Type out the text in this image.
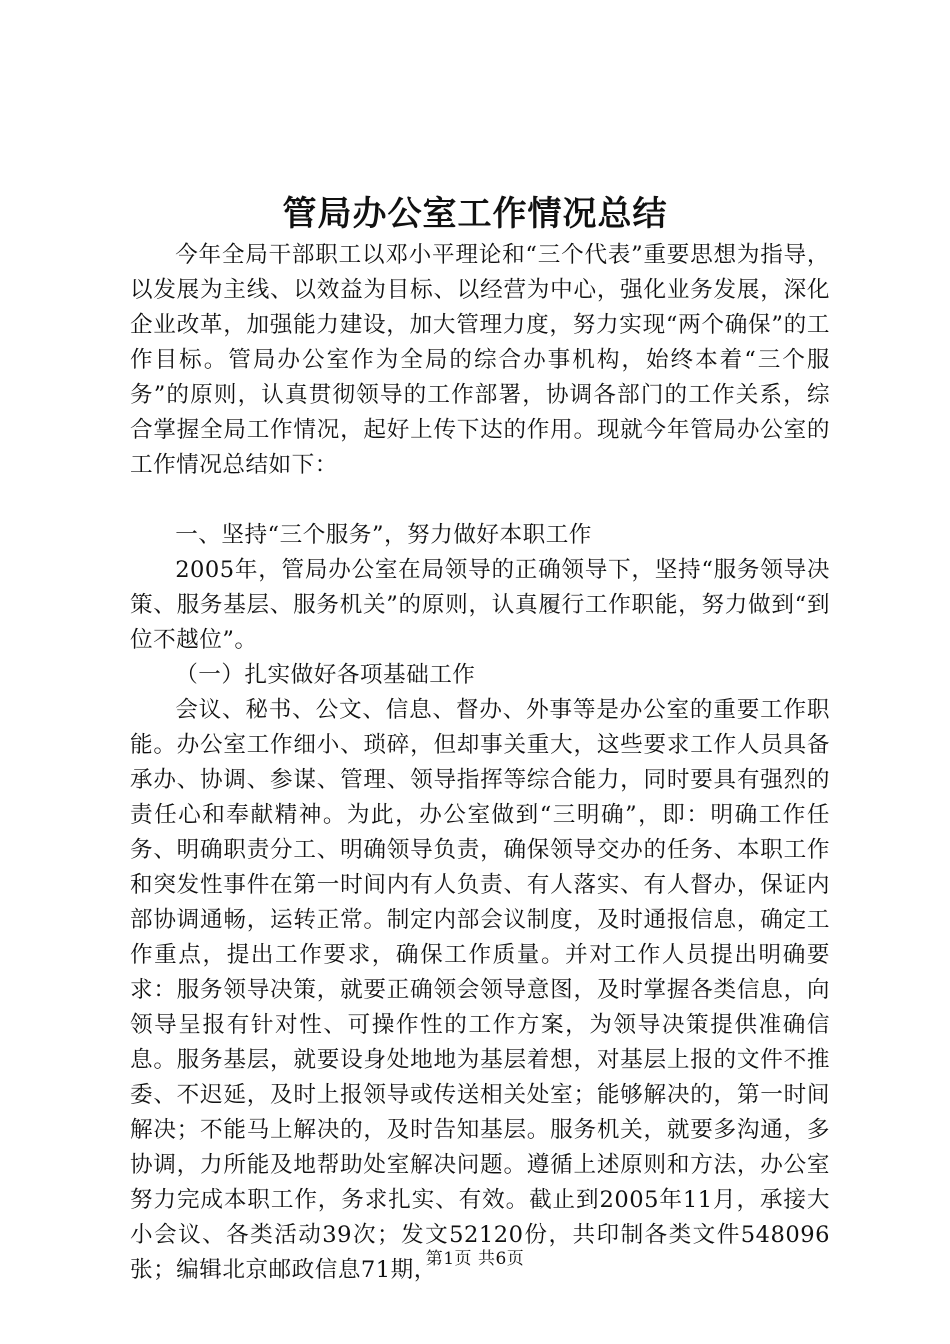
管局办公室工作情况总结

今年全局干部职工以邓小平理论和“三个代表”重要思想为指导，以发展为主线、以效益为目标、以经营为中心，强化业务发展，深化企业改革，加强能力建设，加大管理力度，努力实现“两个确保”的工作目标。管局办公室作为全局的综合办事机构，始终本着“三个服务”的原则，认真贯彻领导的工作部署，协调各部门的工作关系，综合掌握全局工作情况，起好上传下达的作用。现就今年管局办公室的工作情况总结如下：

一、坚持“三个服务”，努力做好本职工作

2005年，管局办公室在局领导的正确领导下，坚持“服务领导决策、服务基层、服务机关”的原则，认真履行工作职能，努力做到“到位不越位”。

（一）扎实做好各项基础工作

会议、秘书、公文、信息、督办、外事等是办公室的重要工作职能。办公室工作细小、琐碎，但却事关重大，这些要求工作人员具备承办、协调、参谋、管理、领导指挥等综合能力，同时要具有强烈的责任心和奉献精神。为此，办公室做到“三明确”，即：明确工作任务、明确职责分工、明确领导负责，确保领导交办的任务、本职工作和突发性事件在第一时间内有人负责、有人落实、有人督办，保证内部协调通畅，运转正常。制定内部会议制度，及时通报信息，确定工作重点，提出工作要求，确保工作质量。并对工作人员提出明确要求：服务领导决策，就要正确领会领导意图，及时掌握各类信息，向领导呈报有针对性、可操作性的工作方案，为领导决策提供准确信息。服务基层，就要设身处地地为基层着想，对基层上报的文件不推委、不迟延，及时上报领导或传送相关处室；能够解决的，第一时间解决；不能马上解决的，及时告知基层。服务机关，就要多沟通，多协调，力所能及地帮助处室解决问题。遵循上述原则和方法，办公室努力完成本职工作，务求扎实、有效。截止到2005年11月，承接大小会议、各类活动39次；发文52120份，共印制各类文件548096张；编辑北京邮政信息71期，

第1页 共6页
